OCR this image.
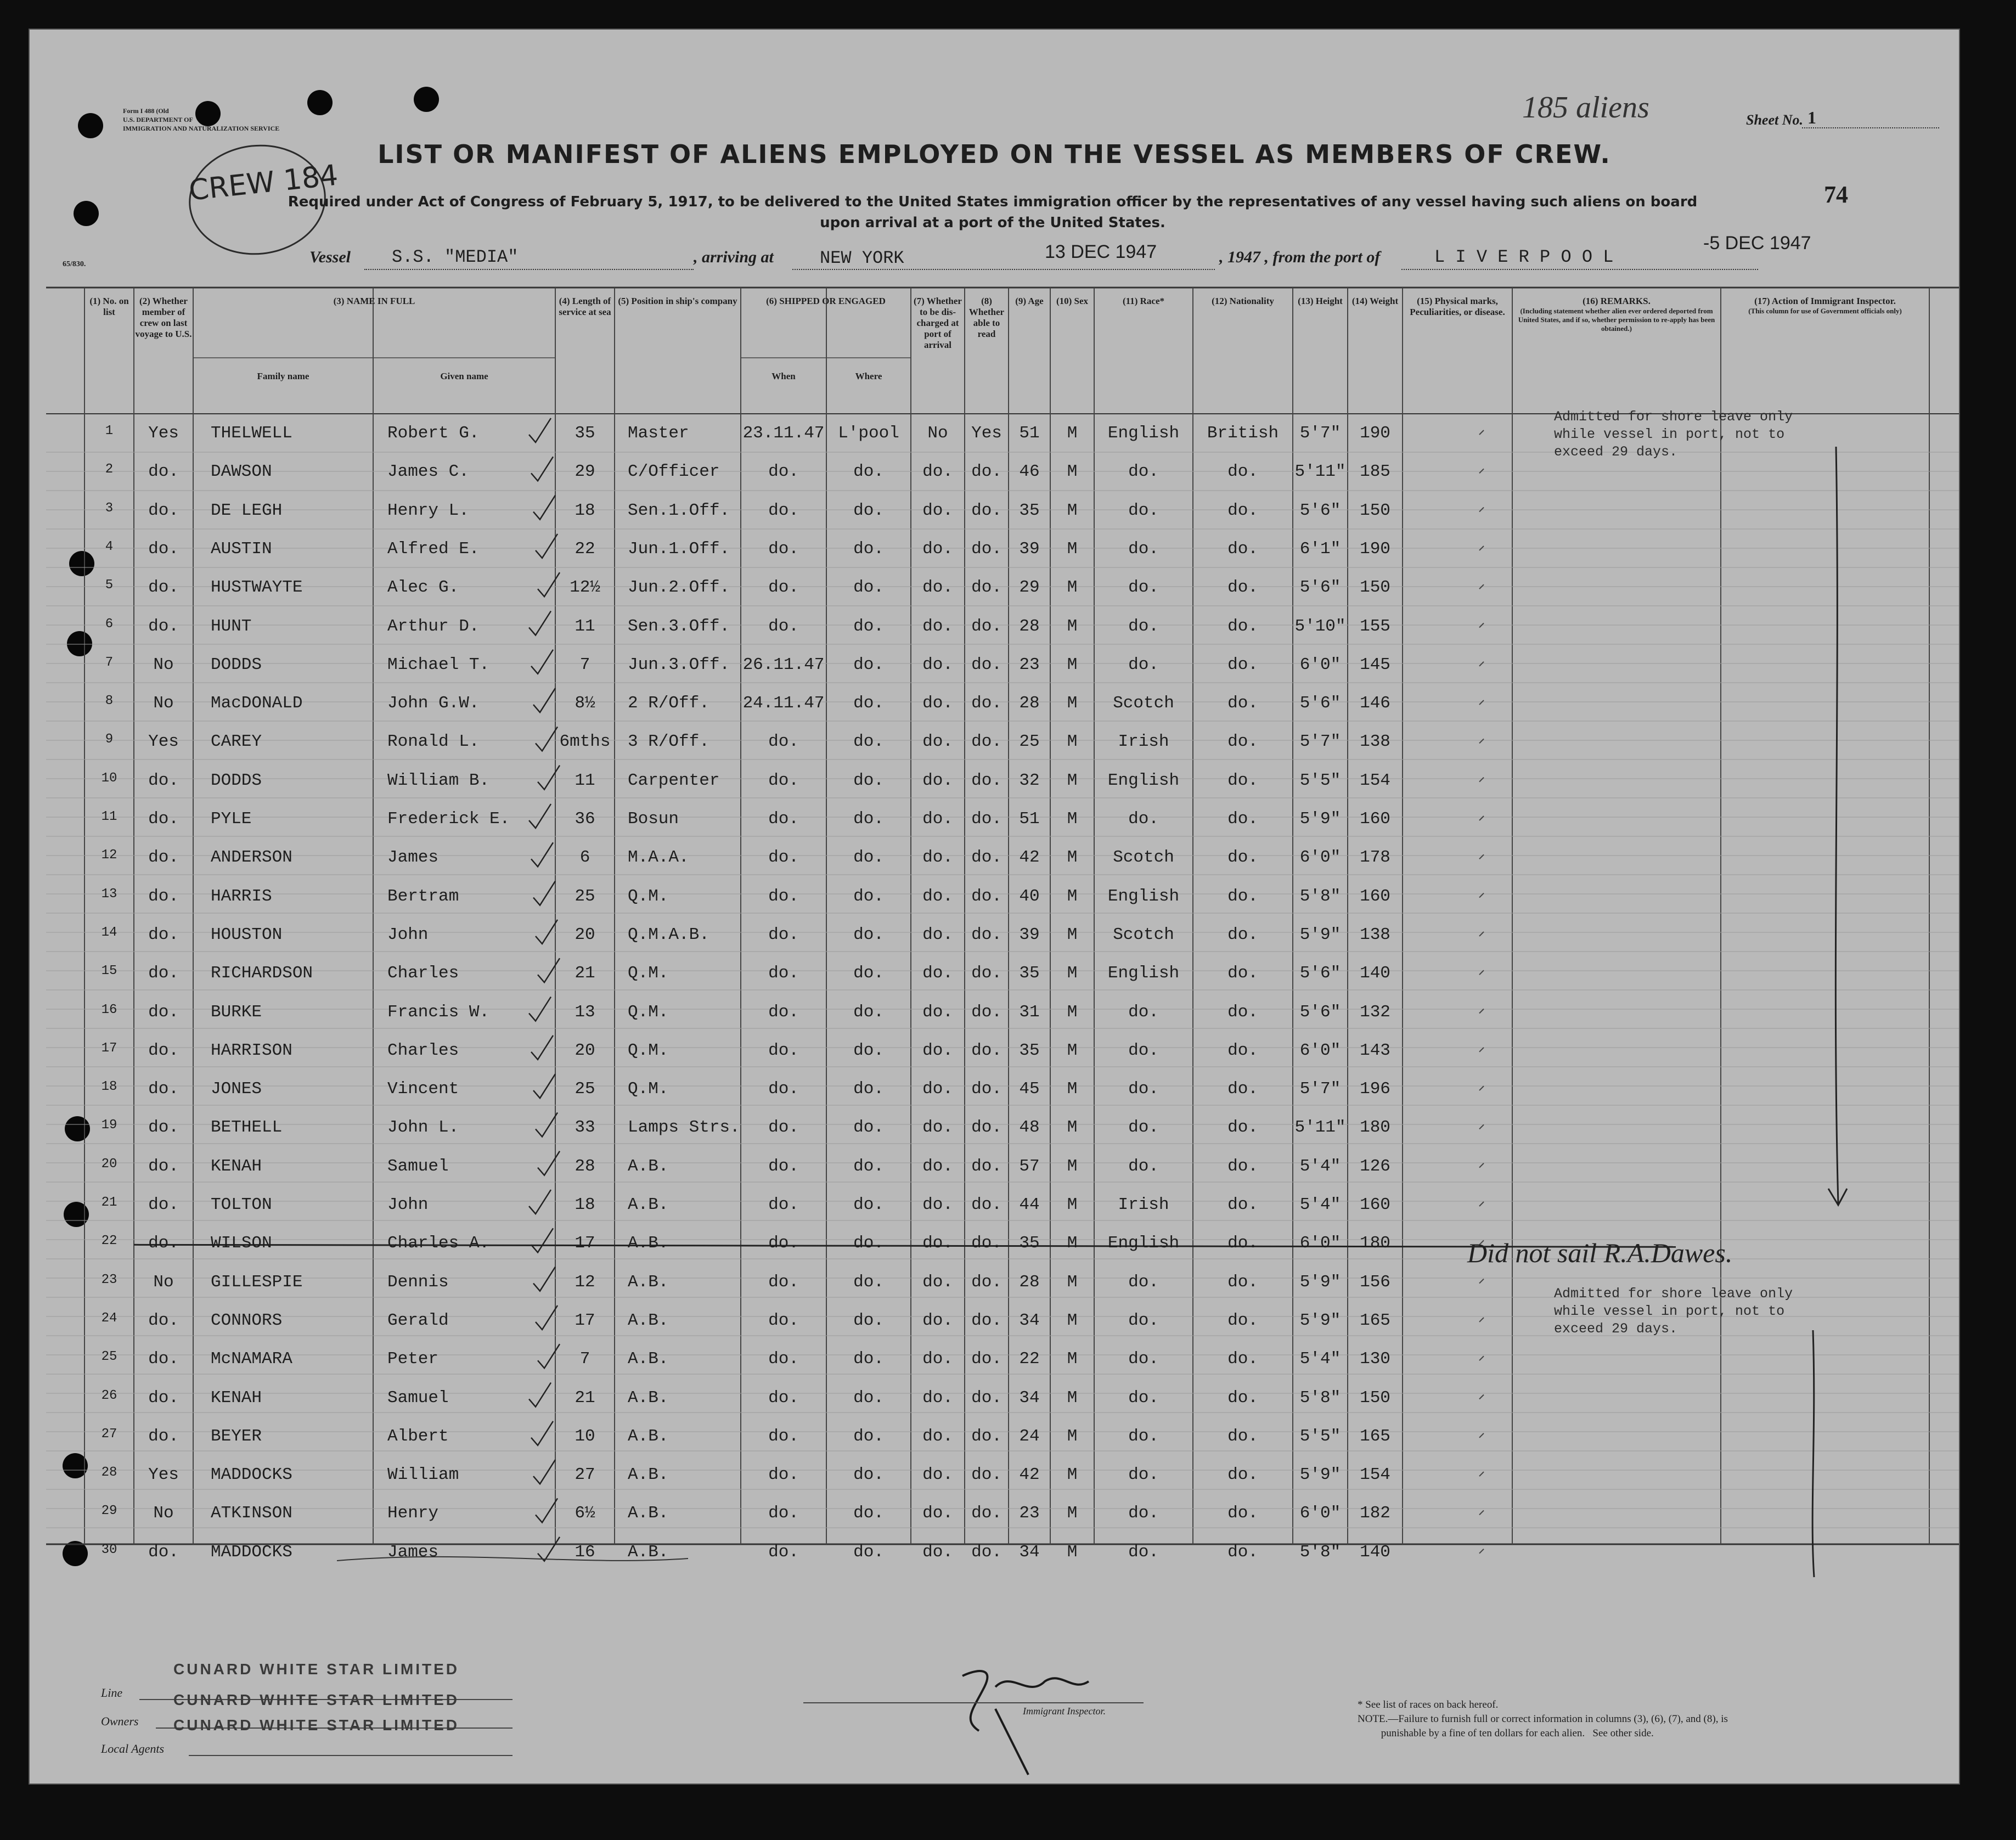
Form I 488 (Old
U.S. DEPARTMENT OF
IMMIGRATION AND NATURALIZATION SERVICE
CREW 184
185 aliens	Sheet No. 1
LIST OR MANIFEST OF ALIENS EMPLOYED ON THE VESSEL AS MEMBERS OF CREW.
Required under Act of Congress of February 5, 1917, to be delivered to the United States immigration officer by the representatives of any vessel having such aliens on board upon arrival at a port of the United States.
74
65/830.	Vessel S.S. "MEDIA"	, arriving at	NEW YORK	13 DEC 1947	, 1947 , from the port of	L I V E R P O O L
-5 DEC 1947
(1) No. on list
(2) Whether member of crew on last voyage to U.S.
(3) NAME IN FULL
Family name	Given name
(4) Length of service at sea
(5) Position in ship's company	(6) SHIPPED OR ENGAGED
When	Where
(7) Whether to be dis-charged at port of arrival
(8) Whether able to read
(9) Age	(10) Sex	(11) Race*	(12) Nationality	(13) Height	(14) Weight	(15) Physical marks, Peculiarities, or disease.
(16) REMARKS.
(Including statement whether alien ever ordered deported from United States, and if so, whether permission to re-apply has been obtained.)
(17) Action of Immigrant Inspector.
(This column for use of Government officials only)
1	Yes	THELWELL	Robert G.	35	Master	23.11.47 L'pool	No	Yes	51	M	English	British	5'7"	190
2	do.	DAWSON	James C.	29	C/Officer	do.	do.	do.	do.	46	M	do.	do.	5'11" 185
3	do.	DE LEGH	Henry L.	18	Sen.1.Off.	do.	do.	do.	do.	35	M	do.	do.	5'6"	150
4	do.	AUSTIN	Alfred E.	22	Jun.1.Off.	do.	do.	do.	do.	39	M	do.	do.	6'1"	190
5	do.	HUSTWAYTE	Alec G.	12½	Jun.2.Off.	do.	do.	do.	do.	29	M	do.	do.	5'6"	150
6	do.	HUNT	Arthur D.	11	Sen.3.Off.	do.	do.	do.	do.	28	M	do.	do.	5'10" 155
7	No	DODDS	Michael T.	7	Jun.3.Off. 26.11.47	do.	do.	do.	23	M	do.	do.	6'0"	145
8	No	MacDONALD	John G.W.	8½	2 R/Off.	24.11.47	do.	do.	do.	28	M	Scotch	do.	5'6"	146
9	Yes	CAREY	Ronald L.	6mths	3 R/Off.	do.	do.	do.	do.	25	M	Irish	do.	5'7"	138
10	do.	DODDS	William B.	11	Carpenter	do.	do.	do.	do.	32	M	English	do.	5'5"	154
11	do.	PYLE	Frederick E.	36	Bosun	do.	do.	do.	do.	51	M	do.	do.	5'9"	160
12	do.	ANDERSON	James	6	M.A.A.	do.	do.	do.	do.	42	M	Scotch	do.	6'0"	178
13	do.	HARRIS	Bertram	25	Q.M.	do.	do.	do.	do.	40	M	English	do.	5'8"	160
14	do.	HOUSTON	John	20	Q.M.A.B.	do.	do.	do.	do.	39	M	Scotch	do.	5'9"	138
15	do.	RICHARDSON	Charles	21	Q.M.	do.	do.	do.	do.	35	M	English	do.	5'6"	140
16	do.	BURKE	Francis W.	13	Q.M.	do.	do.	do.	do.	31	M	do.	do.	5'6"	132
17	do.	HARRISON	Charles	20	Q.M.	do.	do.	do.	do.	35	M	do.	do.	6'0"	143
18	do.	JONES	Vincent	25	Q.M.	do.	do.	do.	do.	45	M	do.	do.	5'7"	196
19	do.	BETHELL	John L.	33	Lamps Strs.	do.	do.	do.	do.	48	M	do.	do.	5'11" 180
20	do.	KENAH	Samuel	28	A.B.	do.	do.	do.	do.	57	M	do.	do.	5'4"	126
21	do.	TOLTON	John	18	A.B.	do.	do.	do.	do.	44	M	Irish	do.	5'4"	160
22	do.	WILSON	Charles A.	17	A.B.	do.	do.	do.	do.	35	M	English	do.	6'0"	180
23	No	GILLESPIE	Dennis	12	A.B.	do.	do.	do.	do.	28	M	do.	do.	5'9"	156
24	do.	CONNORS	Gerald	17	A.B.	do.	do.	do.	do.	34	M	do.	do.	5'9"	165
25	do.	McNAMARA	Peter	7	A.B.	do.	do.	do.	do.	22	M	do.	do.	5'4"	130
26	do.	KENAH	Samuel	21	A.B.	do.	do.	do.	do.	34	M	do.	do.	5'8"	150
27	do.	BEYER	Albert	10	A.B.	do.	do.	do.	do.	24	M	do.	do.	5'5"	165
28	Yes	MADDOCKS	William	27	A.B.	do.	do.	do.	do.	42	M	do.	do.	5'9"	154
29	No	ATKINSON	Henry	6½	A.B.	do.	do.	do.	do.	23	M	do.	do.	6'0"	182
30	do.	MADDOCKS	James	16	A.B.	do.	do.	do.	do.	34	M	do.	do.	5'8"	140
Admitted for shore leave only
while vessel in port, not to
exceed 29 days.
Did not sail R.A.Dawes.
Admitted for shore leave only
while vessel in port, not to
exceed 29 days.
CUNARD WHITE STAR LIMITED
Line	CUNARD WHITE STAR LIMITED
Owners CUNARD WHITE STAR LIMITED
Local Agents
Immigrant Inspector.
* See list of races on back hereof.
NOTE.—Failure to furnish full or correct information in columns (3), (6), (7), and (8), is
punishable by a fine of ten dollars for each alien.   See other side.
